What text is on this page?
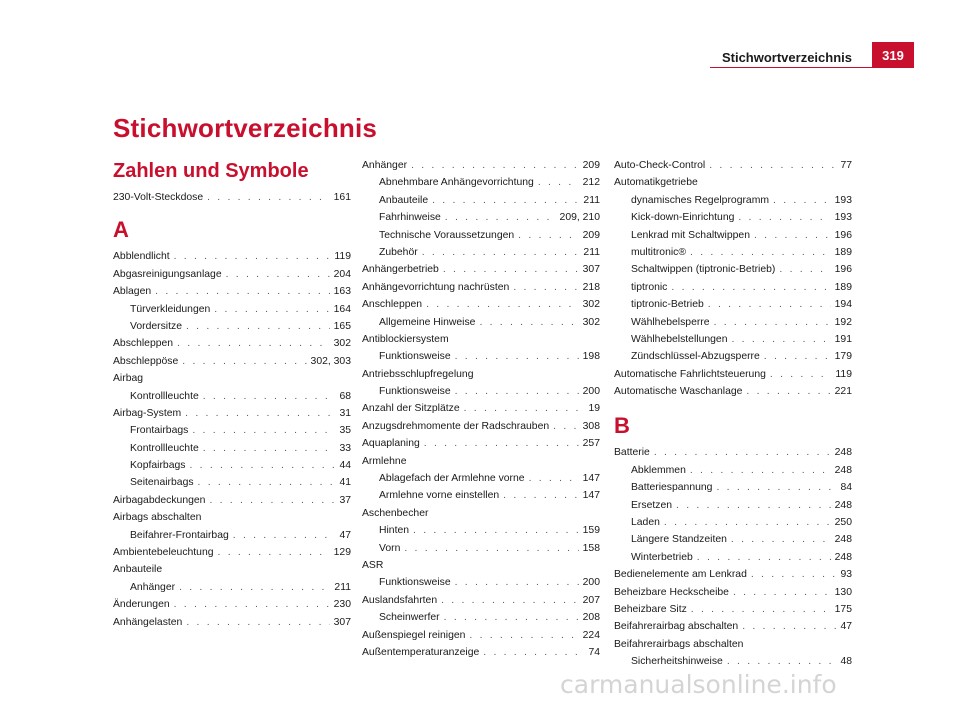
Stichwortverzeichnis	319
Stichwortverzeichnis
Zahlen und Symbole
230-Volt-Steckdose . . .	161
A
Abblendlicht . . .	119
Abgasreinigungsanlage . . .	204
Ablagen . . .	163
Türverkleidungen . . .	164
Vordersitze . . .	165
Abschleppen . . .	302
Abschleppöse . . .	302, 303
Airbag
Kontrollleuchte . . .	68
Airbag-System . . .	31
Frontairbags . . .	35
Kontrollleuchte . . .	33
Kopfairbags . . .	44
Seitenairbags . . .	41
Airbagabdeckungen . . .	37
Airbags abschalten
Beifahrer-Frontairbag . . .	47
Ambientebeleuchtung . . .	129
Anbauteile
Anhänger . . .	211
Änderungen . . .	230
Anhängelasten . . .	307
Anhänger . . .	209
Abnehmbare Anhängevorrichtung . . .	212
Anbauteile . . .	211
Fahrhinweise . . .	209, 210
Technische Voraussetzungen . . .	209
Zubehör . . .	211
Anhängerbetrieb . . .	307
Anhängevorrichtung nachrüsten . . .	218
Anschleppen . . .	302
Allgemeine Hinweise . . .	302
Antiblockiersystem
Funktionsweise . . .	198
Antriebsschlupfregelung
Funktionsweise . . .	200
Anzahl der Sitzplätze . . .	19
Anzugsdrehmomente der Radschrauben . . .	308
Aquaplaning . . .	257
Armlehne
Ablagefach der Armlehne vorne . . .	147
Armlehne vorne einstellen . . .	147
Aschenbecher
Hinten . . .	159
Vorn . . .	158
ASR
Funktionsweise . . .	200
Auslandsfahrten . . .	207
Scheinwerfer . . .	208
Außenspiegel reinigen . . .	224
Außentemperaturanzeige . . .	74
Auto-Check-Control . . .	77
Automatikgetriebe
dynamisches Regelprogramm . . .	193
Kick-down-Einrichtung . . .	193
Lenkrad mit Schaltwippen . . .	196
multitronic® . . .	189
Schaltwippen (tiptronic-Betrieb) . . .	196
tiptronic . . .	189
tiptronic-Betrieb . . .	194
Wählhebelsperre . . .	192
Wählhebelstellungen . . .	191
Zündschlüssel-Abzugsperre . . .	179
Automatische Fahrlichtsteuerung . . .	119
Automatische Waschanlage . . .	221
B
Batterie . . .	248
Abklemmen . . .	248
Batteriespannung . . .	84
Ersetzen . . .	248
Laden . . .	250
Längere Standzeiten . . .	248
Winterbetrieb . . .	248
Bedienelemente am Lenkrad . . .	93
Beheizbare Heckscheibe . . .	130
Beheizbare Sitz . . .	175
Beifahrerairbag abschalten . . .	47
Beifahrerairbags abschalten
Sicherheitshinweise . . .	48
carmanualsonline.info
